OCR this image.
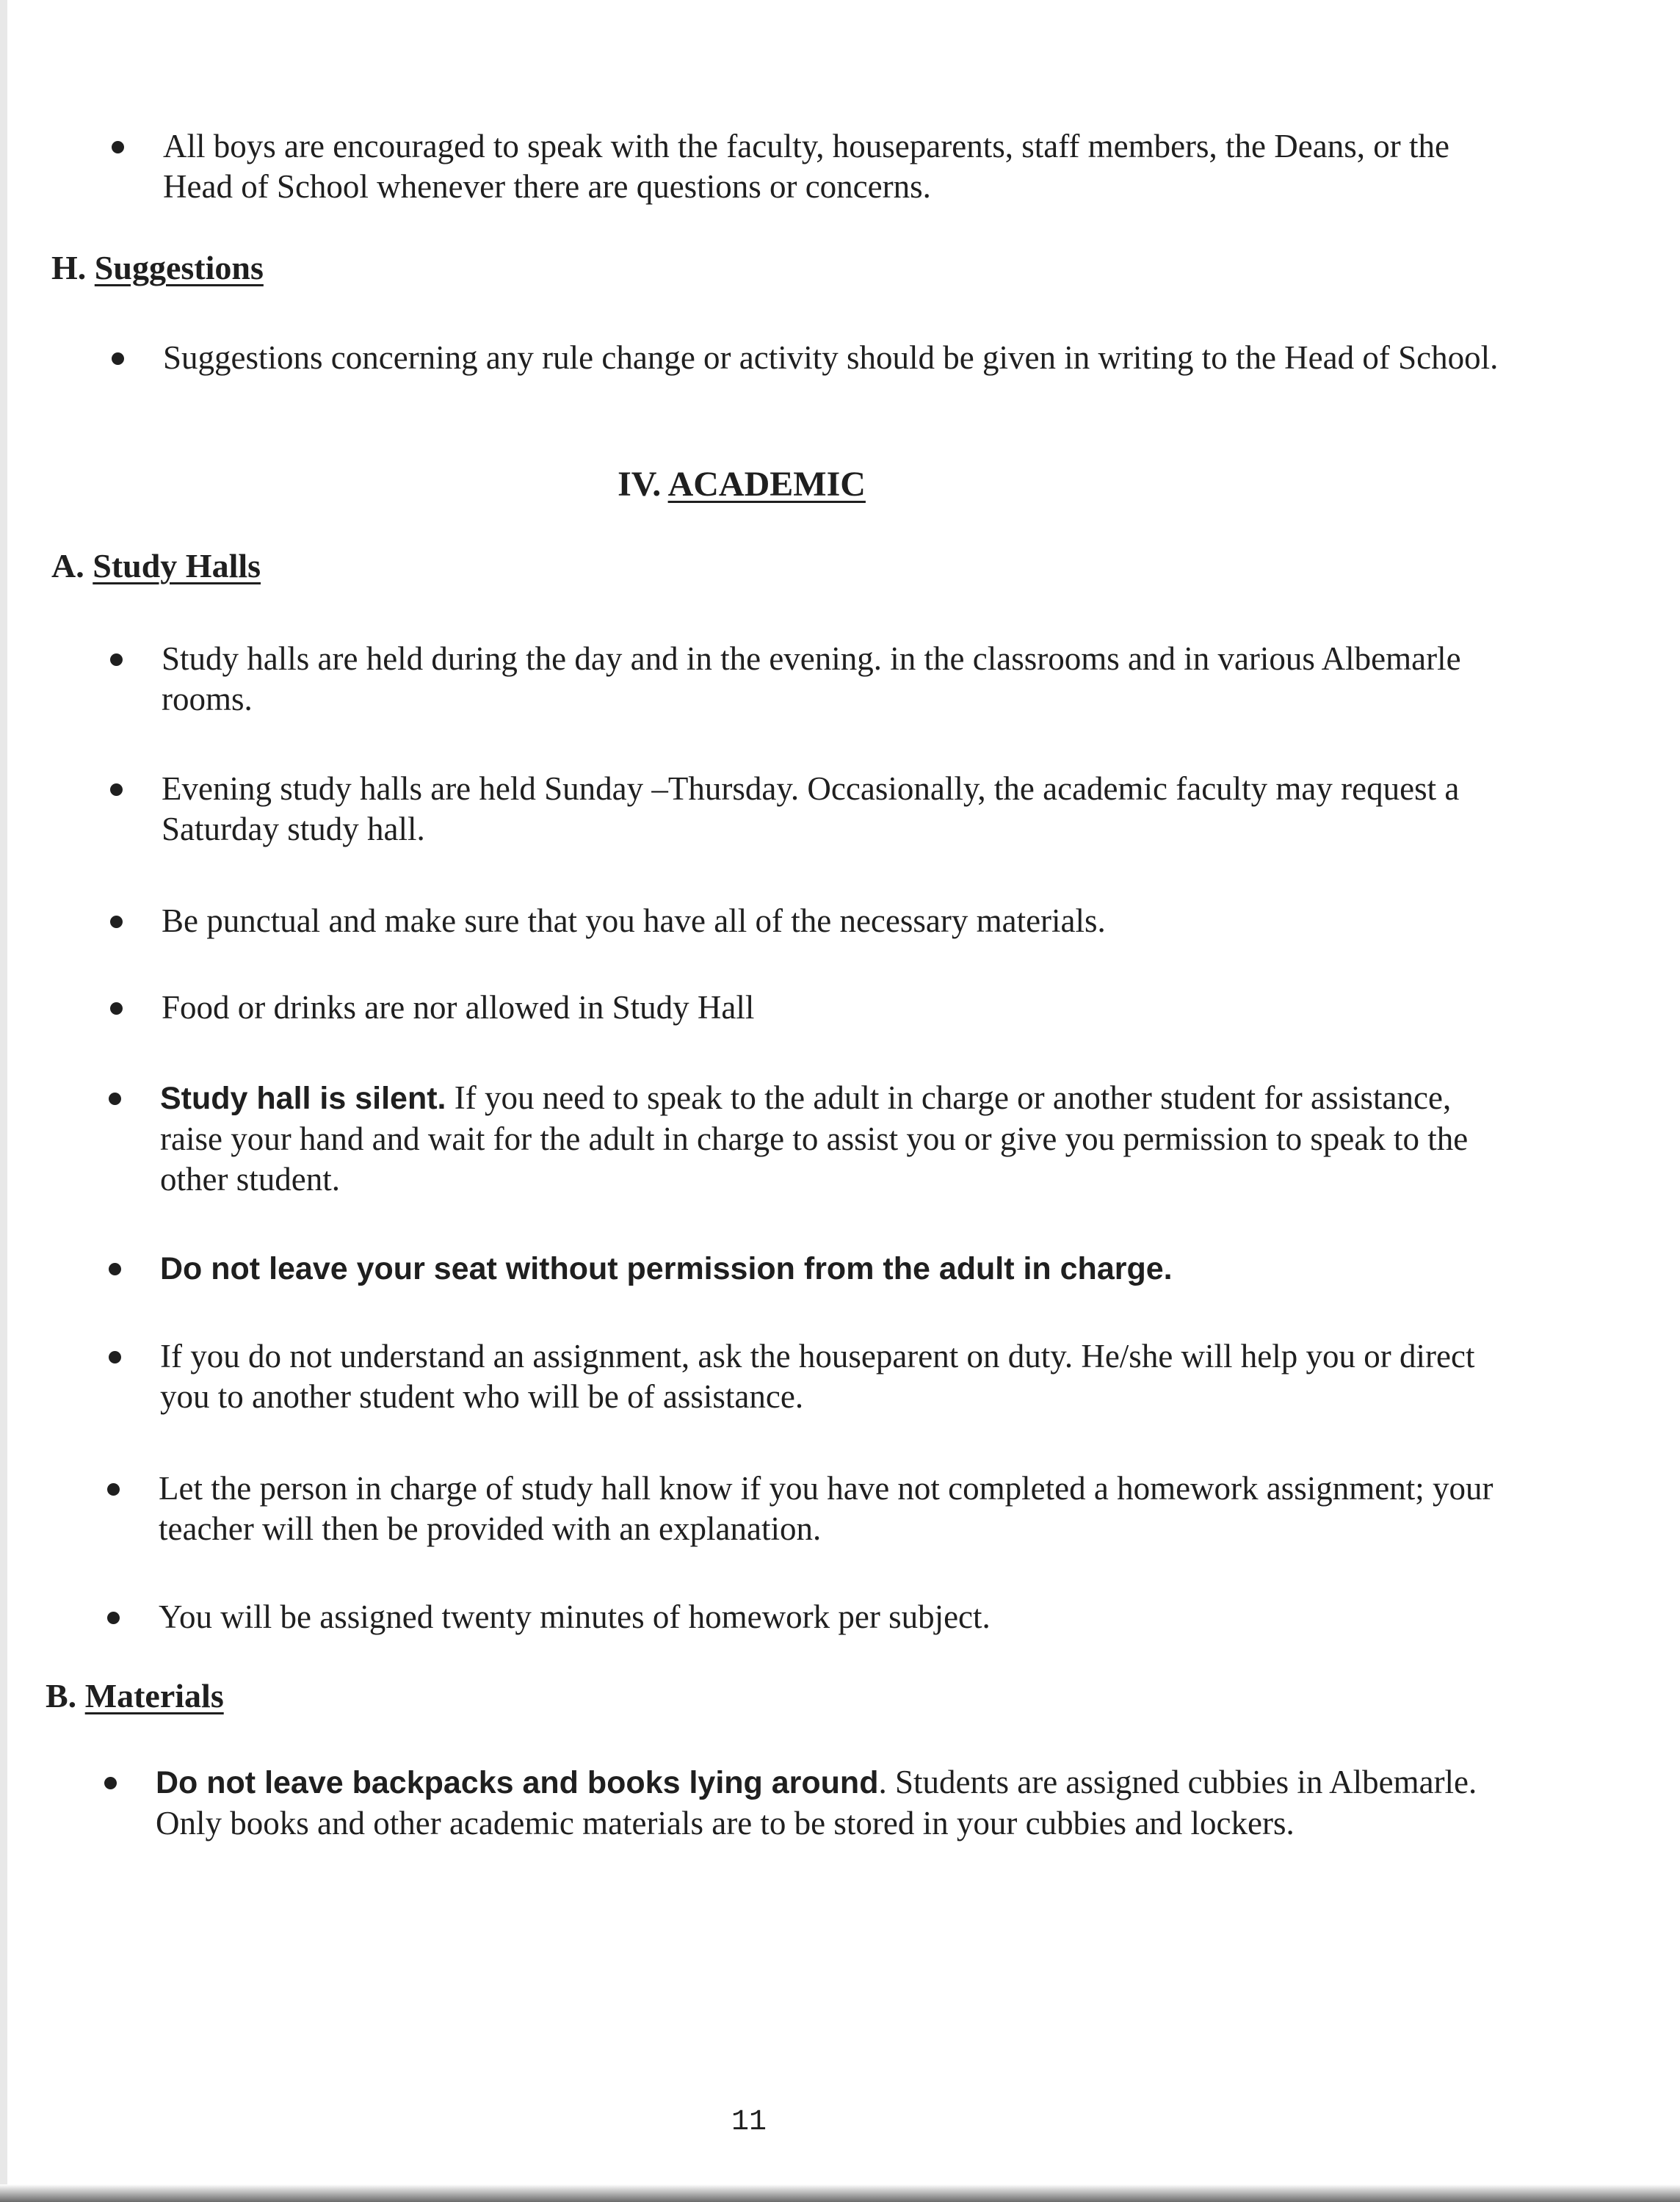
All boys are encouraged to speak with the faculty, houseparents, staff members, the Deans, or the Head of School whenever there are questions or concerns.
H. Suggestions
Suggestions concerning any rule change or activity should be given in writing to the Head of School.
IV. ACADEMIC
A. Study Halls
Study halls are held during the day and in the evening. in the classrooms and in various Albemarle rooms.
Evening study halls are held Sunday –Thursday. Occasionally, the academic faculty may request a Saturday study hall.
Be punctual and make sure that you have all of the necessary materials.
Food or drinks are nor allowed in Study Hall
Study hall is silent. If you need to speak to the adult in charge or another student for assistance, raise your hand and wait for the adult in charge to assist you or give you permission to speak to the other student.
Do not leave your seat without permission from the adult in charge.
If you do not understand an assignment, ask the houseparent on duty. He/she will help you or direct you to another student who will be of assistance.
Let the person in charge of study hall know if you have not completed a homework assignment; your teacher will then be provided with an explanation.
You will be assigned twenty minutes of homework per subject.
B. Materials
Do not leave backpacks and books lying around. Students are assigned cubbies in Albemarle. Only books and other academic materials are to be stored in your cubbies and lockers.
11
